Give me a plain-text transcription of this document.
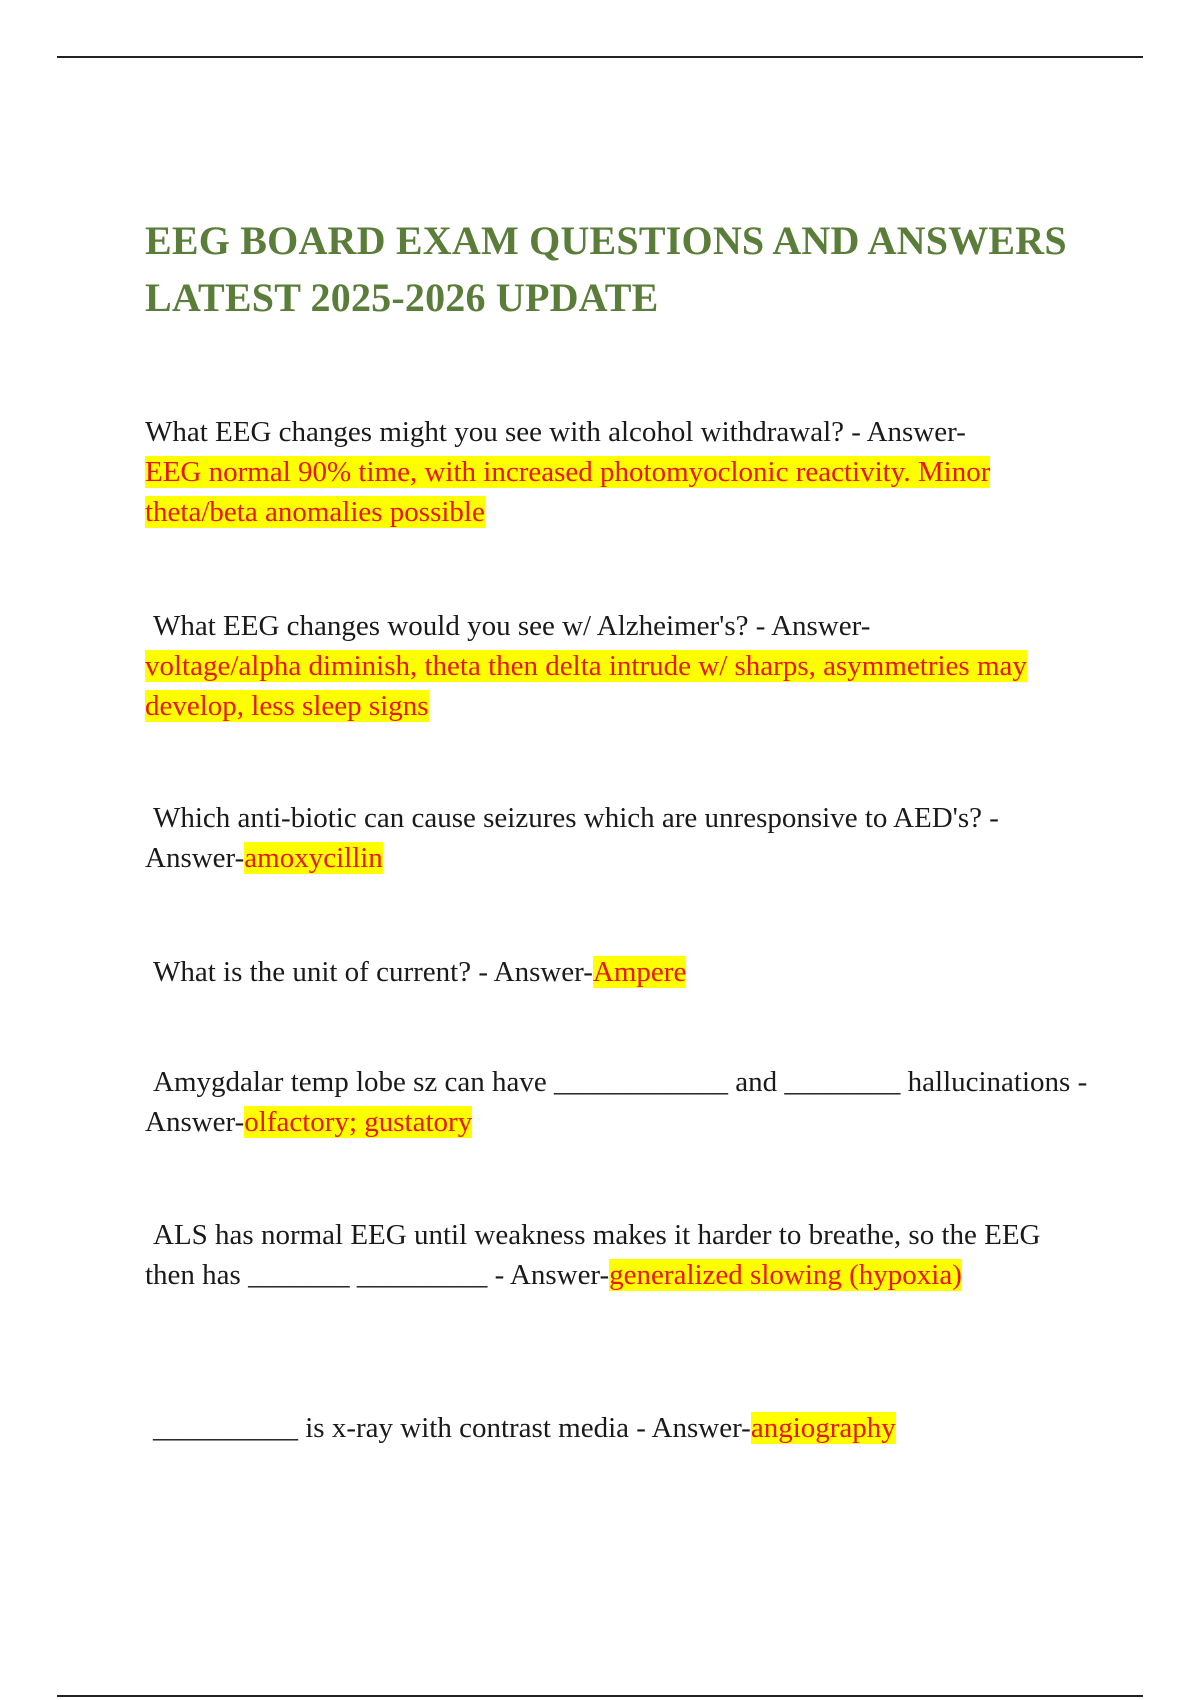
EEG BOARD EXAM QUESTIONS AND ANSWERS LATEST 2025-2026 UPDATE

What EEG changes might you see with alcohol withdrawal? - Answer-
EEG normal 90% time, with increased photomyoclonic reactivity. Minor theta/beta anomalies possible

What EEG changes would you see w/ Alzheimer's? - Answer-
voltage/alpha diminish, theta then delta intrude w/ sharps, asymmetries may develop, less sleep signs

Which anti-biotic can cause seizures which are unresponsive to AED's? - Answer-amoxycillin

What is the unit of current? - Answer-Ampere

Amygdalar temp lobe sz can have ____________ and ________ hallucinations - Answer-olfactory; gustatory

ALS has normal EEG until weakness makes it harder to breathe, so the EEG then has _______ _________ - Answer-generalized slowing (hypoxia)

__________ is x-ray with contrast media - Answer-angiography
